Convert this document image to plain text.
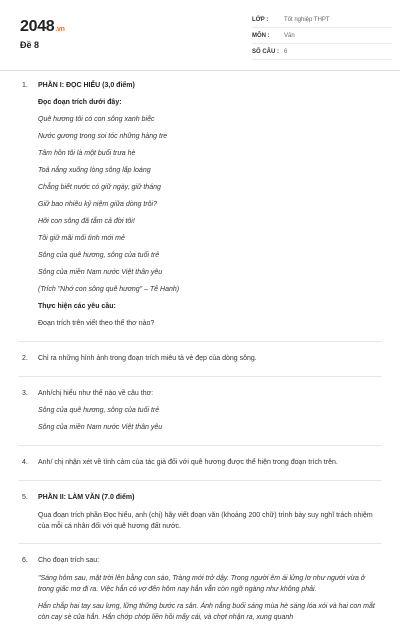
2048.vn
Đề 8
LỚP :	Tốt nghiệp THPT
MÔN :	Văn
SỐ CÂU : 6
1. PHẦN I: ĐỌC HIỂU (3,0 điểm)
Đọc đoạn trích dưới đây:
Quê hương tôi có con sông xanh biếc
Nước gương trong soi tóc những hàng tre
Tâm hồn tôi là một buổi trưa hè
Toả nắng xuống lòng sông lấp loáng
Chẳng biết nước có giữ ngày, giữ tháng
Giữ bao nhiêu kỷ niệm giữa dòng trôi?
Hỡi con sông đã tắm cả đời tôi!
Tôi giữ mãi mối tình mới mẻ
Sông của quê hương, sông của tuổi trẻ
Sông của miền Nam nước Việt thân yêu
(Trích "Nhớ con sông quê hương" – Tế Hanh)
Thực hiện các yêu cầu:
Đoạn trích trên viết theo thể thơ nào?
2. Chỉ ra những hình ảnh trong đoạn trích miêu tả vẻ đẹp của dòng sông.
3. Anh/chị hiểu như thế nào về câu thơ:
Sông của quê hương, sông của tuổi trẻ
Sông của miền Nam nước Việt thân yêu
4. Anh/ chị nhận xét về tình cảm của tác giả đối với quê hương được thể hiện trong đoạn trích trên.
5. PHẦN II: LÀM VĂN (7.0 điểm)
Qua đoạn trích phần Đọc hiểu, anh (chị) hãy viết đoạn văn (khoảng 200 chữ) trình bày suy nghĩ trách nhiệm của mỗi cá nhân đối với quê hương đất nước.
6. Cho đoạn trích sau:
"Sáng hôm sau, mặt trời lên bằng con sào, Tràng mới trở dậy. Trong người êm ái lửng lơ như người vừa ở trong giấc mơ đi ra. Việc hắn có vợ đến hôm nay hắn vẫn còn ngỡ ngàng như không phải.
Hắn chắp hai tay sau lưng, lững thững bước ra sân. Ánh nắng buổi sáng mùa hè sáng lóa xói và hai con mắt còn cay sè của hắn. Hắn chớp chớp liền hồi mấy cái, và chợt nhận ra, xung quanh
